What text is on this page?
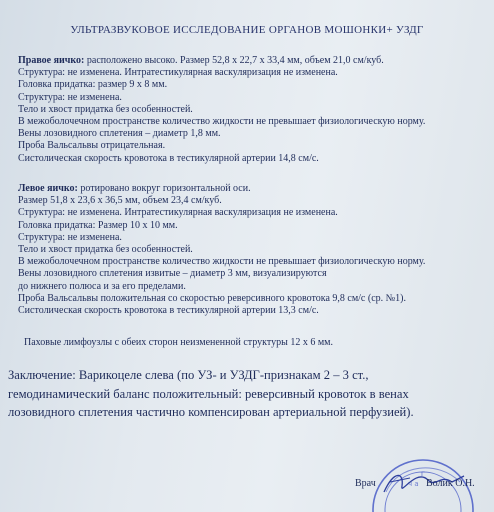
УЛЬТРАЗВУКОВОЕ ИССЛЕДОВАНИЕ ОРГАНОВ МОШОНКИ+ УЗДГ
Правое яичко: расположено высоко. Размер 52,8 х 22,7 х 33,4 мм, объем 21,0 см/куб.
Структура: не изменена. Интратестикулярная васкуляризация не изменена.
Головка придатка: размер 9 х 8 мм.
Структура: не изменена.
Тело и хвост придатка без особенностей.
В межоболочечном пространстве количество жидкости не превышает физиологическую норму.
Вены лозовидного сплетения – диаметр 1,8 мм.
Проба Вальсальвы отрицательная.
Систолическая скорость кровотока в тестикулярной артерии 14,8 см/с.
Левое яичко: ротировано вокруг горизонтальной оси.
Размер 51,8 х 23,6 х 36,5 мм, объем 23,4 см/куб.
Структура: не изменена. Интратестикулярная васкуляризация не изменена.
Головка придатка: Размер 10 х 10 мм.
Структура: не изменена.
Тело и хвост придатка без особенностей.
В межоболочечном пространстве количество жидкости не превышает физиологическую норму.
Вены лозовидного сплетения извитые – диаметр 3 мм, визуализируются
до нижнего полюса и за его пределами.
Проба Вальсальвы положительная со скоростью реверсивного кровотока 9,8 см/с (ср. №1).
Систолическая скорость кровотока в тестикулярной артерии 13,3 см/с.
Паховые лимфоузлы с обеих сторон неизмененной структуры 12 х 6 мм.
Заключение: Варикоцеле слева (по УЗ- и УЗДГ-признакам 2 – 3 ст.,
гемодинамический баланс положительный: реверсивный кровоток в венах
лозовидного сплетения частично компенсирован артериальной перфузией).
г
ч а
Врач	Волик О.Н.
